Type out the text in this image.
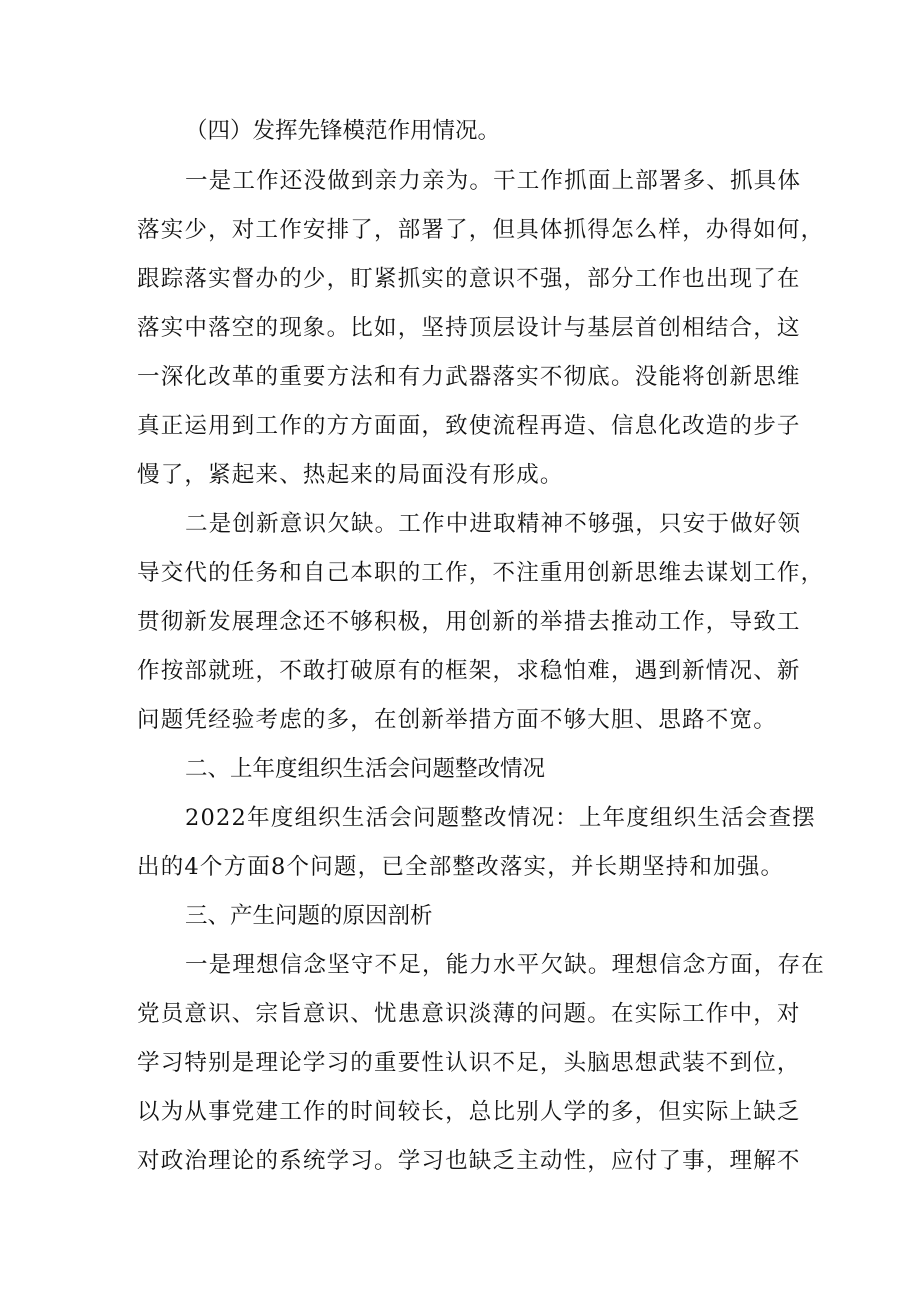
（四）发挥先锋模范作用情况。

一是工作还没做到亲力亲为。干工作抓面上部署多、抓具体

落实少，对工作安排了，部署了，但具体抓得怎么样，办得如何，

跟踪落实督办的少，盯紧抓实的意识不强，部分工作也出现了在

落实中落空的现象。比如，坚持顶层设计与基层首创相结合，这

一深化改革的重要方法和有力武器落实不彻底。没能将创新思维

真正运用到工作的方方面面，致使流程再造、信息化改造的步子

慢了，紧起来、热起来的局面没有形成。

二是创新意识欠缺。工作中进取精神不够强，只安于做好领

导交代的任务和自己本职的工作，不注重用创新思维去谋划工作，

贯彻新发展理念还不够积极，用创新的举措去推动工作，导致工

作按部就班，不敢打破原有的框架，求稳怕难，遇到新情况、新

问题凭经验考虑的多，在创新举措方面不够大胆、思路不宽。

二、上年度组织生活会问题整改情况

2022年度组织生活会问题整改情况：上年度组织生活会查摆

出的4个方面8个问题，已全部整改落实，并长期坚持和加强。

三、产生问题的原因剖析

一是理想信念坚守不足，能力水平欠缺。理想信念方面，存在

党员意识、宗旨意识、忧患意识淡薄的问题。在实际工作中，对

学习特别是理论学习的重要性认识不足，头脑思想武装不到位，

以为从事党建工作的时间较长，总比别人学的多，但实际上缺乏

对政治理论的系统学习。学习也缺乏主动性，应付了事，理解不
